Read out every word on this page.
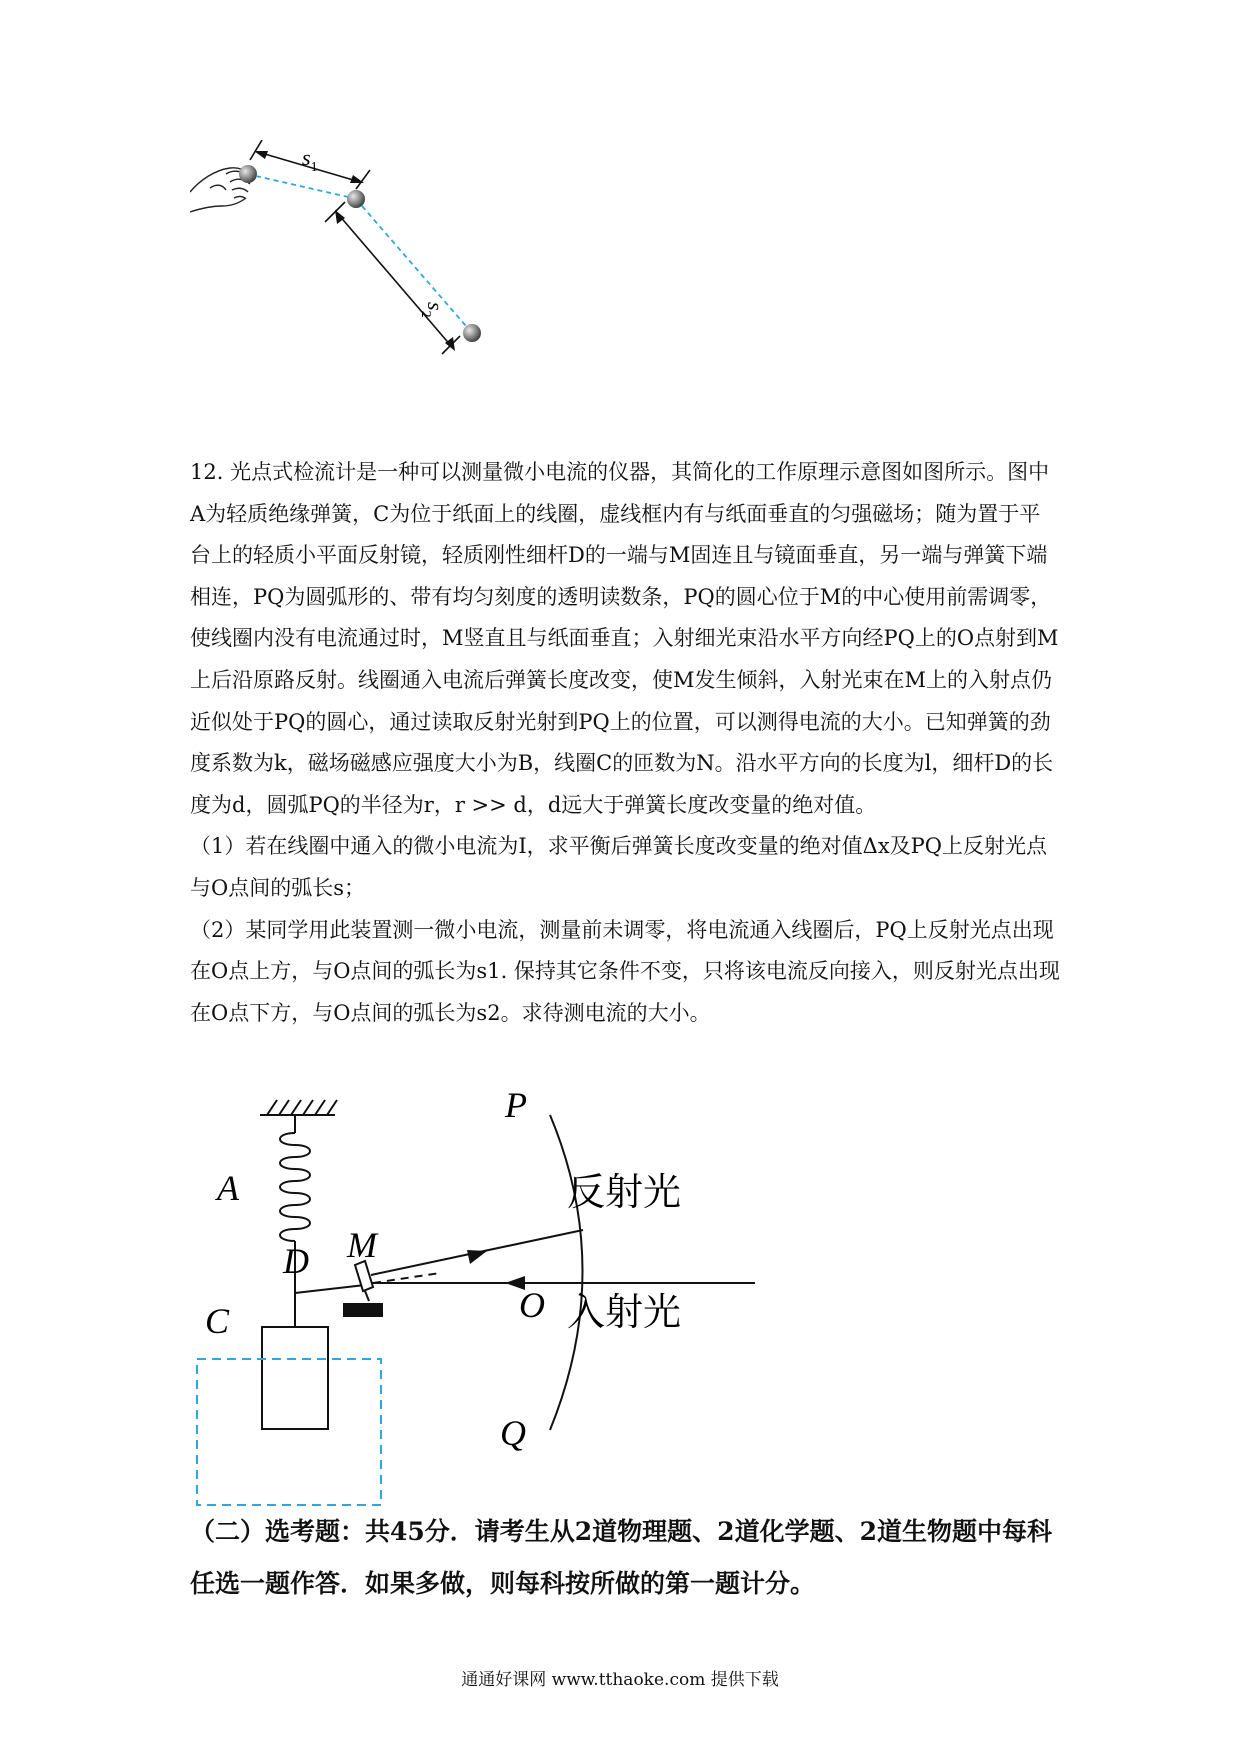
$s_1$
$s_2$

12. 光点式检流计是一种可以测量微小电流的仪器，其简化的工作原理示意图如图所示。图中A为轻质绝缘弹簧，C为位于纸面上的线圈，虚线框内有与纸面垂直的匀强磁场；随为置于平台上的轻质小平面反射镜，轻质刚性细杆D的一端与M固连且与镜面垂直，另一端与弹簧下端相连，PQ为圆弧形的、带有均匀刻度的透明读数条，PQ的圆心位于M的中心使用前需调零，使线圈内没有电流通过时，M竖直且与纸面垂直；入射细光束沿水平方向经PQ上的O点射到M上后沿原路反射。线圈通入电流后弹簧长度改变，使M发生倾斜，入射光束在M上的入射点仍近似处于PQ的圆心，通过读取反射光射到PQ上的位置，可以测得电流的大小。已知弹簧的劲度系数为k，磁场磁感应强度大小为B，线圈C的匝数为N。沿水平方向的长度为l，细杆D的长度为d，圆弧PQ的半径为r，r >> d，d远大于弹簧长度改变量的绝对值。

（1）若在线圈中通入的微小电流为I，求平衡后弹簧长度改变量的绝对值Δx及PQ上反射光点与O点间的弧长s；

（2）某同学用此装置测一微小电流，测量前未调零，将电流通入线圈后，PQ上反射光点出现在O点上方，与O点间的弧长为s1. 保持其它条件不变，只将该电流反向接入，则反射光点出现在O点下方，与O点间的弧长为s2。求待测电流的大小。

A
C
D M
P
Q
O
反射光
入射光

（二）选考题：共45分．请考生从2道物理题、2道化学题、2道生物题中每科

任选一题作答．如果多做，则每科按所做的第一题计分。

通通好课网 www.tthaoke.com 提供下载
